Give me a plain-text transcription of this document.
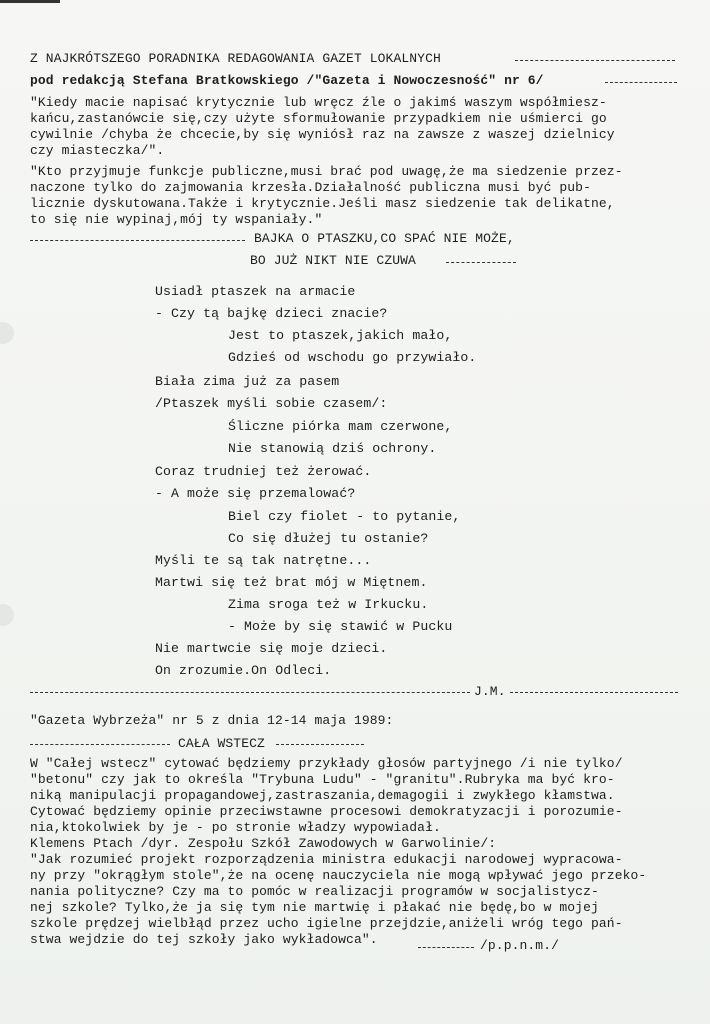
Z NAJKRÓTSZEGO PORADNIKA REDAGOWANIA GAZET LOKALNYCH
pod redakcją Stefana Bratkowskiego /"Gazeta i Nowoczesność" nr 6/
"Kiedy macie napisać krytycznie lub wręcz źle o jakimś waszym współmiesz-
kańcu,zastanówcie się,czy użyte sformułowanie przypadkiem nie uśmierci go
cywilnie /chyba że chcecie,by się wyniósł raz na zawsze z waszej dzielnicy
czy miasteczka/".
"Kto przyjmuje funkcje publiczne,musi brać pod uwagę,że ma siedzenie przez-
naczone tylko do zajmowania krzesła.Działalność publiczna musi być pub-
licznie dyskutowana.Także i krytycznie.Jeśli masz siedzenie tak delikatne,
to się nie wypinaj,mój ty wspaniały."
BAJKA O PTASZKU,CO SPAĆ NIE MOŻE,
BO JUŻ NIKT NIE CZUWA
Usiadł ptaszek na armacie
- Czy tą bajkę dzieci znacie?
Jest to ptaszek,jakich mało,
Gdzieś od wschodu go przywiało.
Biała zima już za pasem
/Ptaszek myśli sobie czasem/:
Śliczne piórka mam czerwone,
Nie stanowią dziś ochrony.
Coraz trudniej też żerować.
- A może się przemalować?
Biel czy fiolet - to pytanie,
Co się dłużej tu ostanie?
Myśli te są tak natrętne...
Martwi się też brat mój w Miętnem.
Zima sroga też w Irkucku.
- Może by się stawić w Pucku
Nie martwcie się moje dzieci.
On zrozumie.On Odleci.
J.M.
"Gazeta Wybrzeża" nr 5 z dnia 12-14 maja 1989:
CAŁA WSTECZ
W "Całej wstecz" cytować będziemy przykłady głosów partyjnego /i nie tylko/
"betonu" czy jak to określa "Trybuna Ludu" - "granitu".Rubryka ma być kro-
niką manipulacji propagandowej,zastraszania,demagogii i zwykłego kłamstwa.
Cytować będziemy opinie przeciwstawne procesowi demokratyzacji i porozumie-
nia,ktokolwiek by je - po stronie władzy wypowiadał.
Klemens Ptach /dyr. Zespołu Szkół Zawodowych w Garwolinie/:
"Jak rozumieć projekt rozporządzenia ministra edukacji narodowej wypracowa-
ny przy "okrągłym stole",że na ocenę nauczyciela nie mogą wpływać jego przeko-
nania polityczne? Czy ma to pomóc w realizacji programów w socjalistycz-
nej szkole? Tylko,że ja się tym nie martwię i płakać nie będę,bo w mojej
szkole prędzej wielbłąd przez ucho igielne przejdzie,aniżeli wróg tego pań-
stwa wejdzie do tej szkoły jako wykładowca".	/p.p.n.m./
